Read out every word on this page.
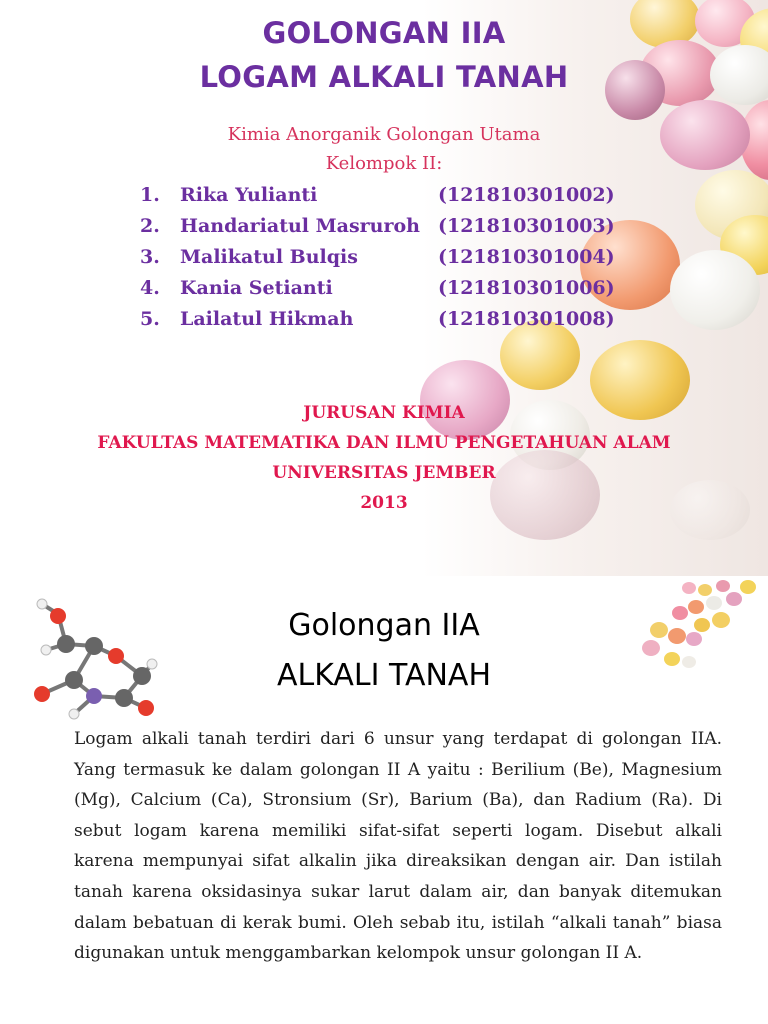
GOLONGAN IIA
LOGAM ALKALI TANAH
Kimia Anorganik Golongan Utama
Kelompok II:
1. Rika Yulianti	(121810301002)
2. Handariatul Masruroh (121810301003)
3. Malikatul Bulqis	(121810301004)
4. Kania Setianti	(121810301006)
5. Lailatul Hikmah	(121810301008)
JURUSAN KIMIA
FAKULTAS MATEMATIKA DAN ILMU PENGETAHUAN ALAM
UNIVERSITAS JEMBER
2013
Golongan IIA
ALKALI TANAH

Logam alkali tanah terdiri dari 6 unsur yang terdapat di golongan IIA. Yang termasuk ke dalam golongan II A yaitu : Berilium (Be), Magnesium (Mg), Calcium (Ca), Stronsium (Sr), Barium (Ba), dan Radium (Ra). Di sebut logam karena memiliki sifat-sifat seperti logam. Disebut alkali karena mempunyai sifat alkalin jika direaksikan dengan air. Dan istilah tanah karena oksidasinya sukar larut dalam air, dan banyak ditemukan dalam bebatuan di kerak bumi. Oleh sebab itu, istilah “alkali tanah” biasa digunakan untuk menggambarkan kelompok unsur golongan II A.
